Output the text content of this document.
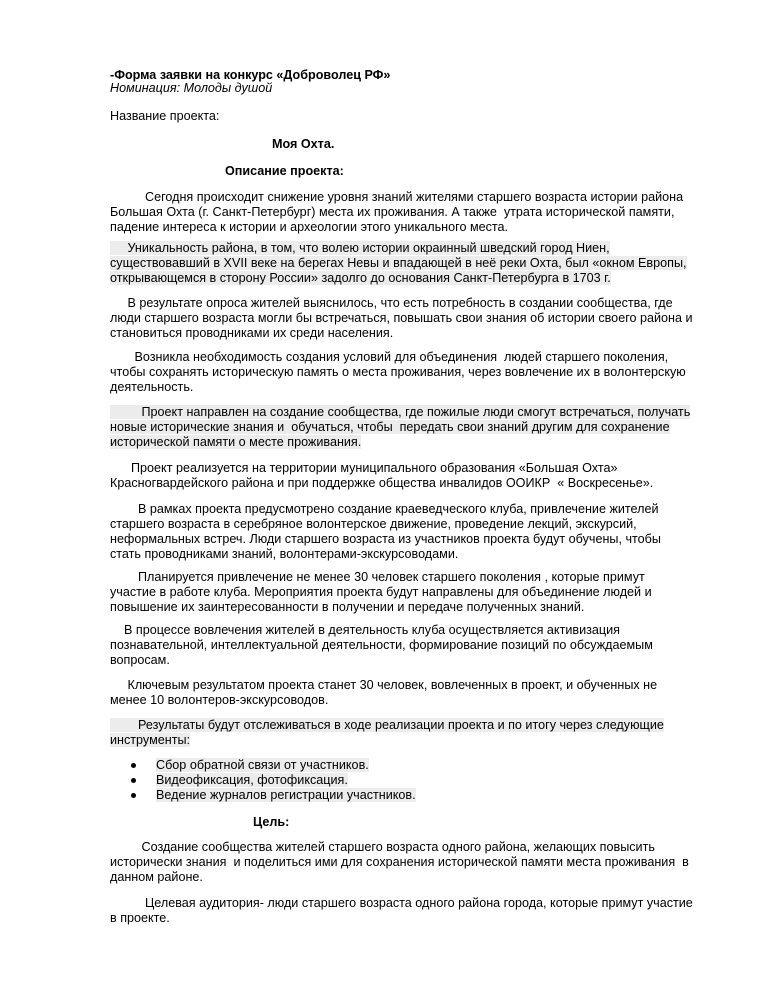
-Форма заявки на конкурс «Доброволец РФ»
Номинация: Молоды душой
Название проекта:
Моя Охта.
Описание проекта:
Сегодня происходит снижение уровня знаний жителями старшего возраста истории района
Большая Охта (г. Санкт-Петербург) места их проживания. А также  утрата исторической памяти,
падение интереса к истории и археологии этого уникального места.
Уникальность района, в том, что волею истории окраинный шведский город Ниен,
существовавший в XVII веке на берегах Невы и впадающей в неё реки Охта, был «окном Европы,
открывающемся в сторону России» задолго до основания Санкт-Петербурга в 1703 г.
В результате опроса жителей выяснилось, что есть потребность в создании сообщества, где
люди старшего возраста могли бы встречаться, повышать свои знания об истории своего района и
становиться проводниками их среди населения.
Возникла необходимость создания условий для объединения  людей старшего поколения,
чтобы сохранять историческую память о места проживания, через вовлечение их в волонтерскую
деятельность.
Проект направлен на создание сообщества, где пожилые люди смогут встречаться, получать
новые исторические знания и  обучаться, чтобы  передать свои знаний другим для сохранение
исторической памяти о месте проживания.
Проект реализуется на территории муниципального образования «Большая Охта»
Красногвардейского района и при поддержке общества инвалидов ООИКР  « Воскресенье».
В рамках проекта предусмотрено создание краеведческого клуба, привлечение жителей
старшего возраста в серебряное волонтерское движение, проведение лекций, экскурсий,
неформальных встреч. Люди старшего возраста из участников проекта будут обучены, чтобы
стать проводниками знаний, волонтерами-экскурсоводами.
Планируется привлечение не менее 30 человек старшего поколения , которые примут
участие в работе клуба. Мероприятия проекта будут направлены для объединение людей и
повышение их заинтересованности в получении и передаче полученных знаний.
В процессе вовлечения жителей в деятельность клуба осуществляется активизация
познавательной, интеллектуальной деятельности, формирование позиций по обсуждаемым
вопросам.
Ключевым результатом проекта станет 30 человек, вовлеченных в проект, и обученных не
менее 10 волонтеров-экскурсоводов.
Результаты будут отслеживаться в ходе реализации проекта и по итогу через следующие
инструменты:
Сбор обратной связи от участников.
Видеофиксация, фотофиксация.
Ведение журналов регистрации участников.
Цель:
Создание сообщества жителей старшего возраста одного района, желающих повысить
исторически знания  и поделиться ими для сохранения исторической памяти места проживания  в
данном районе.
Целевая аудитория- люди старшего возраста одного района города, которые примут участие
в проекте.
